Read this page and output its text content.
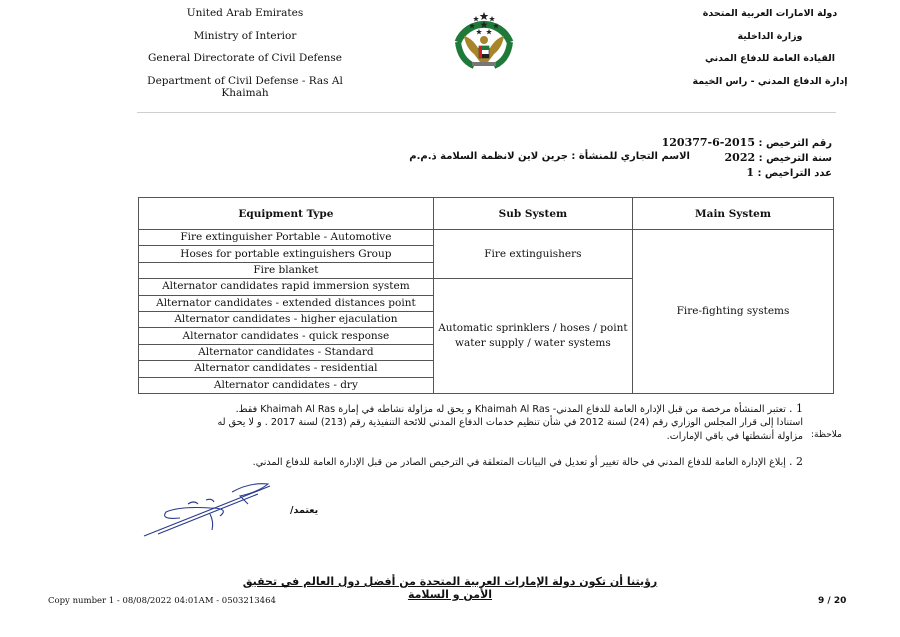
United Arab Emirates
Ministry of Interior
General Directorate of Civil Defense
Department of Civil Defense - Ras Al Khaimah
دولة الامارات العربية المتحدة
وزارة الداخلية
القيادة العامة للدفاع المدني
إدارة الدفاع المدني - راس الخيمة
رقم الترخيص : 2015-6-120377
سنة الترخيص : 2022
عدد التراخيص : 1
الاسم التجاري للمنشأة : جرين لاين لانظمة السلامة ذ.م.م
Equipment Type	Sub System	Main System
Fire extinguisher Portable - Automotive	Fire extinguishers	Fire-fighting systems
Hoses for portable extinguishers Group		
Fire blanket		
Alternator candidates rapid immersion system	Automatic sprinklers / hoses / point water supply / water systems	
Alternator candidates - extended distances point		
Alternator candidates - higher ejaculation		
Alternator candidates - quick response		
Alternator candidates - Standard		
Alternator candidates - residential		
Alternator candidates - dry		
ملاحظة:
1 . تعتبر المنشأة مرخصة من قبل الإدارة العامة للدفاع المدني- Khaimah Al Ras و يحق له مزاولة نشاطه في إمارة Khaimah Al Ras فقط.
استنادا إلى قرار المجلس الوزاري رقم (24) لسنة 2012 في شأن تنظيم خدمات الدفاع المدني للائحة التنفيذية رقم (213) لسنة 2017 . و لا يحق له
مزاولة أنشطتها في باقي الإمارات.
2 . إبلاغ الإدارة العامة للدفاع المدني في حالة تغيير أو تعديل في البيانات المتعلقة في الترخيص الصادر من قبل الإدارة العامة للدفاع المدني.
يعتمد/
رؤيتنا أن تكون دولة الإمارات العربية المتحدة من أفضل دول العالم في تحقيق الأمن و السلامة
Copy number 1 - 08/08/2022 04:01AM - 0503213464	9 / 20
